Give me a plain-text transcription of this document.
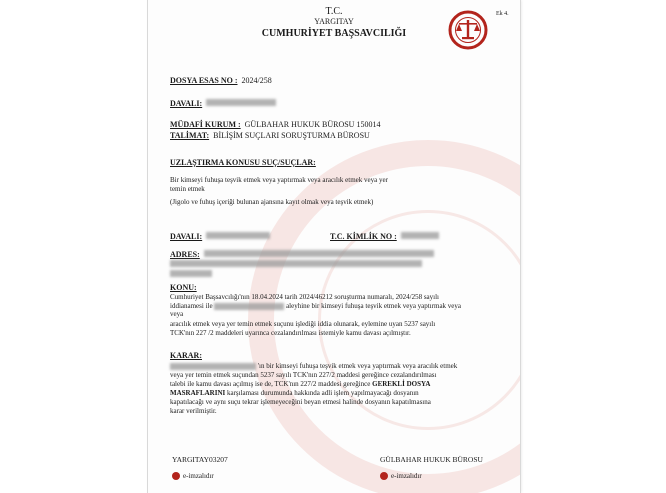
T.C.
YARGITAY
CUMHURİYET BAŞSAVCILIĞI
Ek 4.
DOSYA ESAS NO : 2024/258
DAVALI:
MÜDAFİ KURUM : GÜLBAHAR HUKUK BÜROSU 150014
TALİMAT: BİLİŞİM SUÇLARI SORUŞTURMA BÜROSU
UZLAŞTIRMA KONUSU SUÇ/SUÇLAR:
Bir kimseyi fuhuşa teşvik etmek veya yaptırmak veya aracılık etmek veya yer
temin etmek
(Jigolo ve fuhuş içeriği bulunan ajansına kayıt olmak veya teşvik etmek)
DAVALI:	T.C. KİMLİK NO :
ADRES:
KONU:
Cumhuriyet Başsavcılığı'nın 18.04.2024 tarih 2024/46212 soruşturma numaralı, 2024/258 sayılı
iddianamesi ile	aleyhine bir kimseyi fuhuşa teşvik etmek veya yaptırmak veya
veya
aracılık etmek veya yer temin etmek suçunu işlediği iddia olunarak, eylemine uyan 5237 sayılı
TCK'nın 227 /2 maddeleri uyarınca cezalandırılması istemiyle kamu davası açılmıştır.
KARAR:
'ın bir kimseyi fuhuşa teşvik etmek veya yaptırmak veya aracılık etmek
veya yer temin etmek suçundan 5237 sayılı TCK'nın 227/2 maddesi gereğince cezalandırılması
talebi ile kamu davası açılmış ise de, TCK'nın 227/2 maddesi gereğince GEREKLİ DOSYA
MASRAFLARINI karşılaması durumunda hakkında adli işlem yapılmayacağı dosyanın
kapatılacağı ve aynı suçu tekrar işlemeyeceğini beyan etmesi halinde dosyanın kapatılmasına
karar verilmiştir.
YARGITAY03207
e-imzalıdır
GÜLBAHAR HUKUK BÜROSU
e-imzalıdır
